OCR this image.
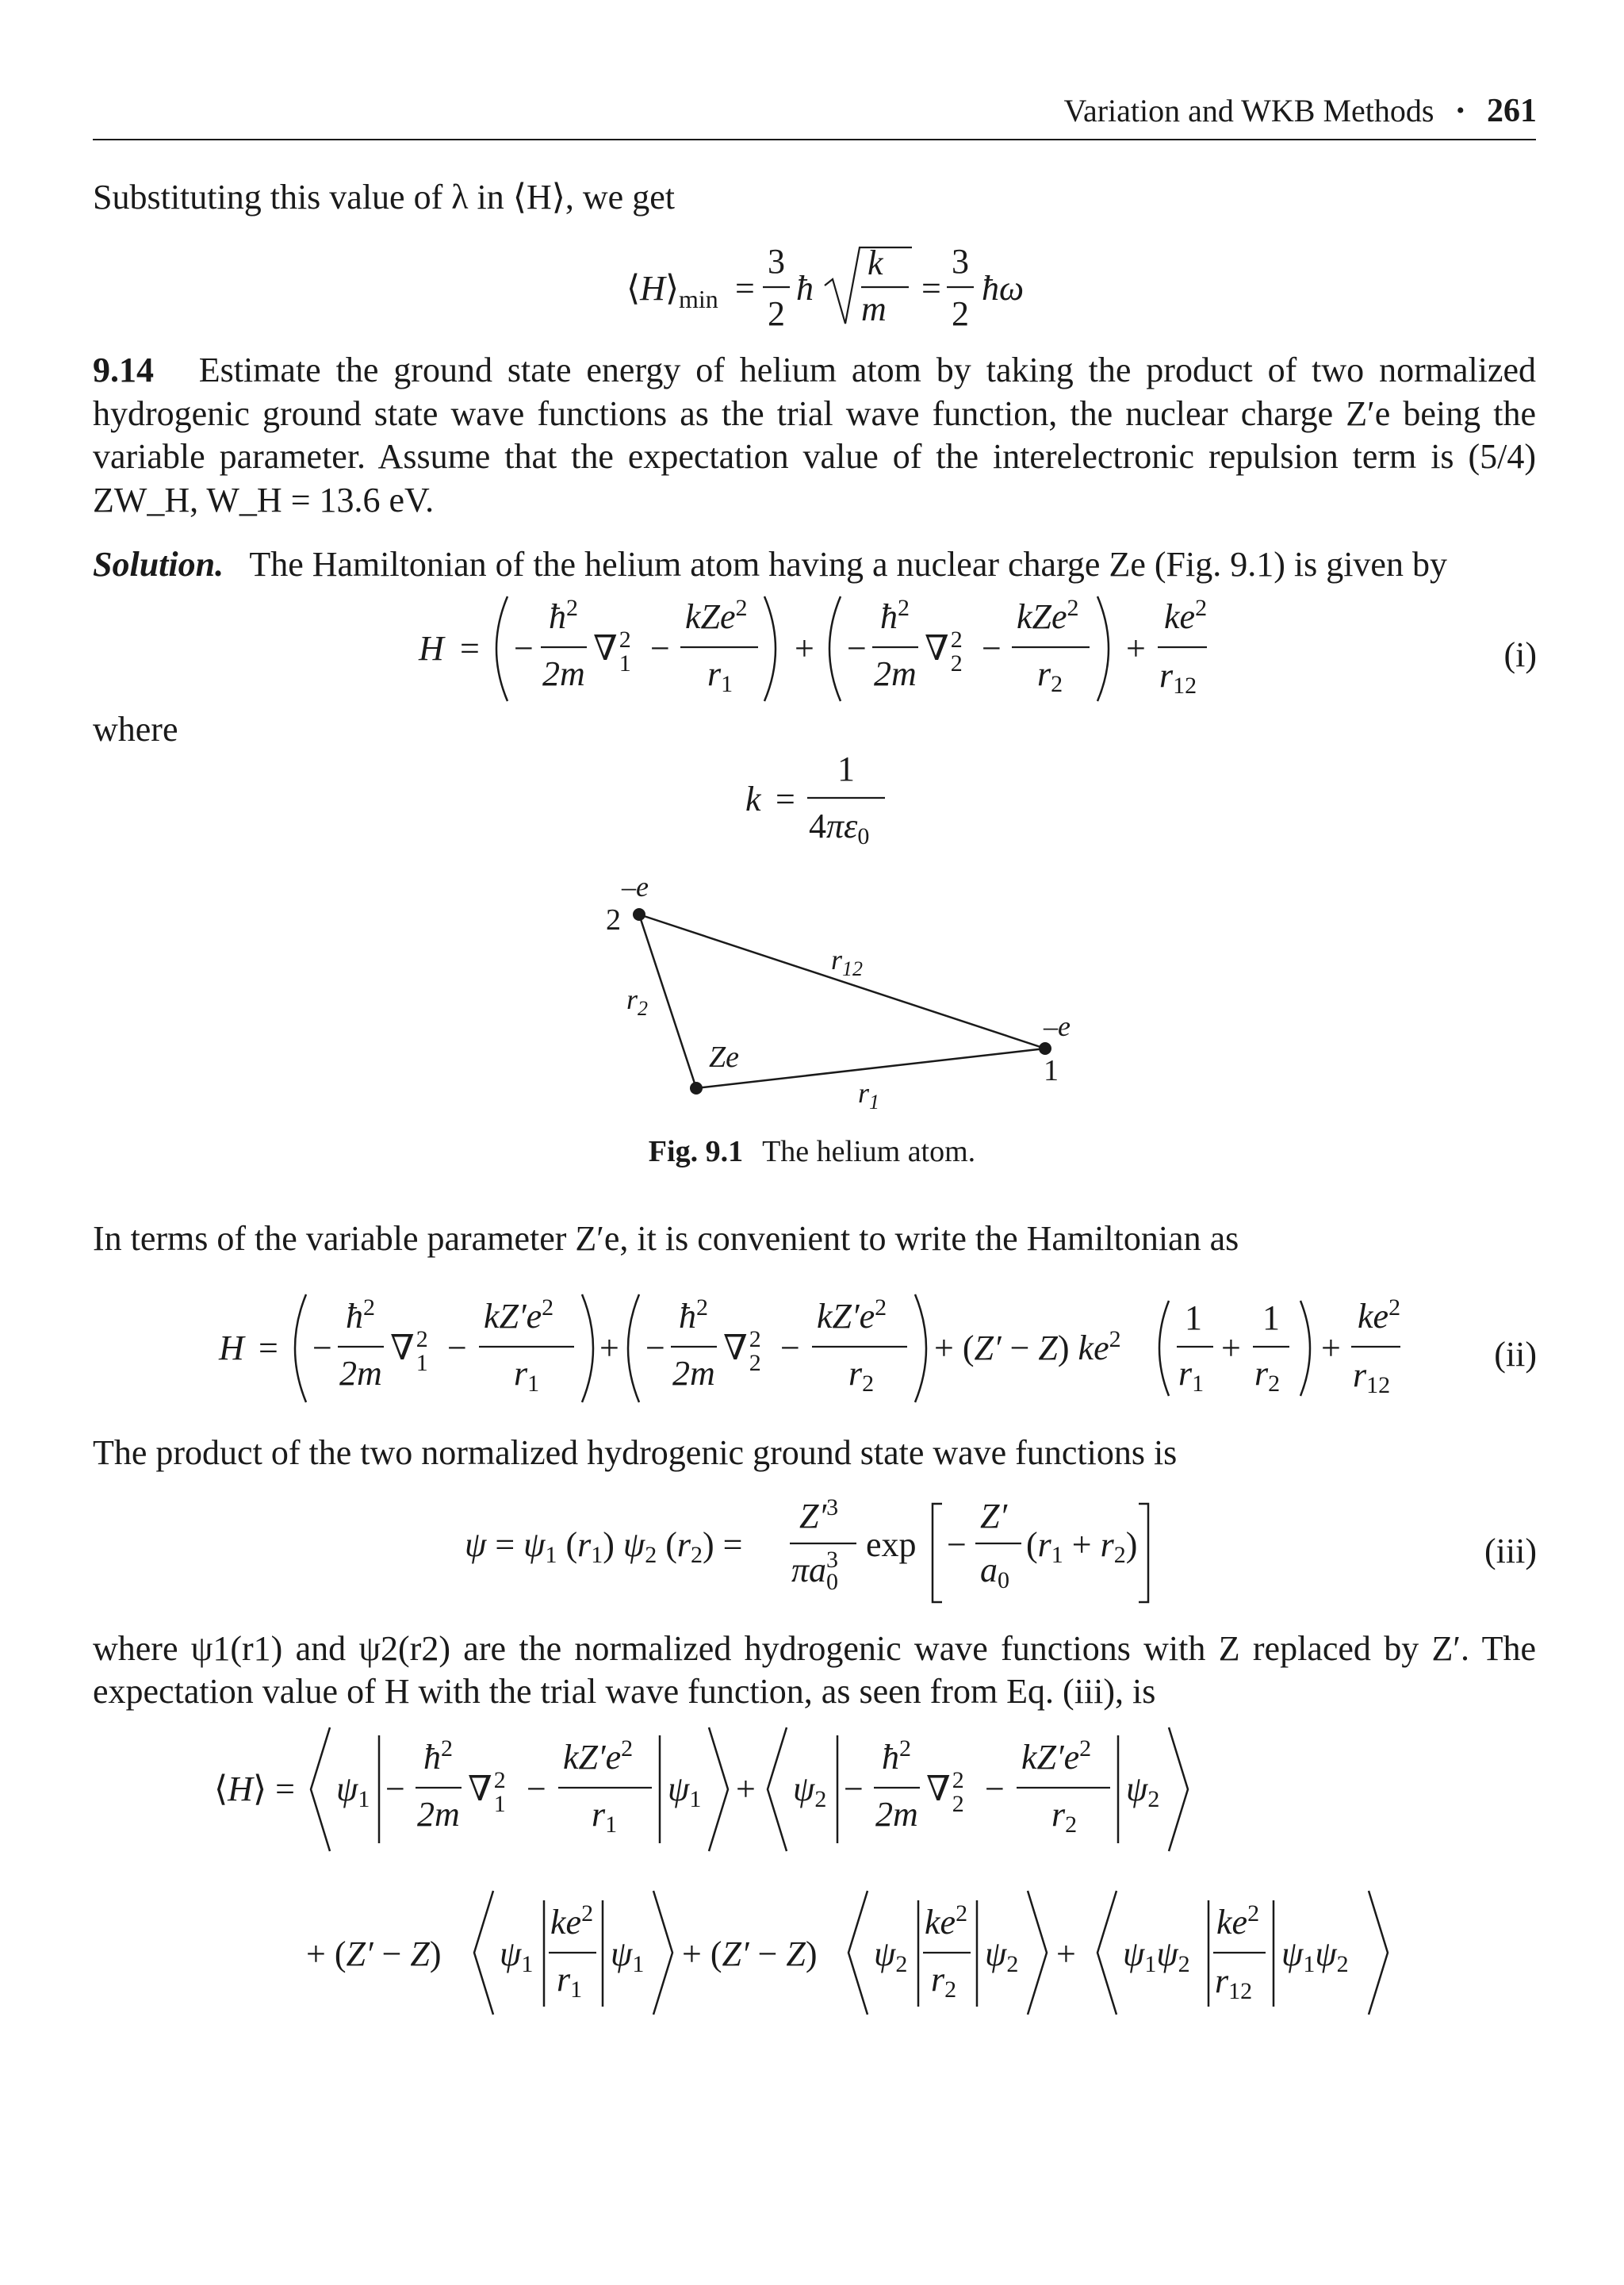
Variation and WKB Methods • 261
Substituting this value of λ in ⟨H⟩, we get
9.14 Estimate the ground state energy of helium atom by taking the product of two normalized hydrogenic ground state wave functions as the trial wave function, the nuclear charge Z′e being the variable parameter. Assume that the expectation value of the interelectronic repulsion term is (5/4) ZW_H, W_H = 13.6 eV.
Solution. The Hamiltonian of the helium atom having a nuclear charge Ze (Fig. 9.1) is given by
where
In terms of the variable parameter Z′e, it is convenient to write the Hamiltonian as
The product of the two normalized hydrogenic ground state wave functions is
where ψ1(r1) and ψ2(r2) are the normalized hydrogenic wave functions with Z replaced by Z′. The expectation value of H with the trial wave function, as seen from Eq. (iii), is
(i)
(ii)
(iii)
⟨H⟩ min =
3
2
ħ
k
m
=
3
2
ħω
H = −
$ħ^2$
2m
∇$^2$ 1 −
kZe$^2$
r1
+ −
$ħ^2$
2m
∇$^2$ 2 −
kZe$^2$
r2
+
$ke^2$
r12
k =
1
4πε0
–e
2
$r_{12}$
$r_2$
Ze
–e
1
$r_1$
H = −
$ħ^2$
2m
∇$^2$ 1 −
$kZ'e^2$
r1
+ −
$ħ^2$
2m
∇$^2$ 2 −
$kZ'e^2$
r2
+ (Z′ − Z) $ke^2$
1
r1
+
1
r2
+
$ke^2$
r12
ψ = ψ1 (r1) ψ2 (r2) =
$Z'^3$
$\pi a_03$ exp −
Z′
a0
(r1 + r2)
⟨H⟩ = ψ1 −
$ħ^2$
2m
∇$^2$ 1 −
$kZ'e^2$
r1
ψ1 + ψ2 −
$ħ^2$
2m
∇$^2$ 2 −
$kZ'e^2$
r2
ψ2
+ (Z′ − Z) ψ1
$ke^2$
r1
ψ1 + (Z′ − Z) ψ2
$ke^2$
r2
ψ2 + ψ1ψ2
$ke^2$
r12
ψ1ψ2
Fig. 9.1 The helium atom.
